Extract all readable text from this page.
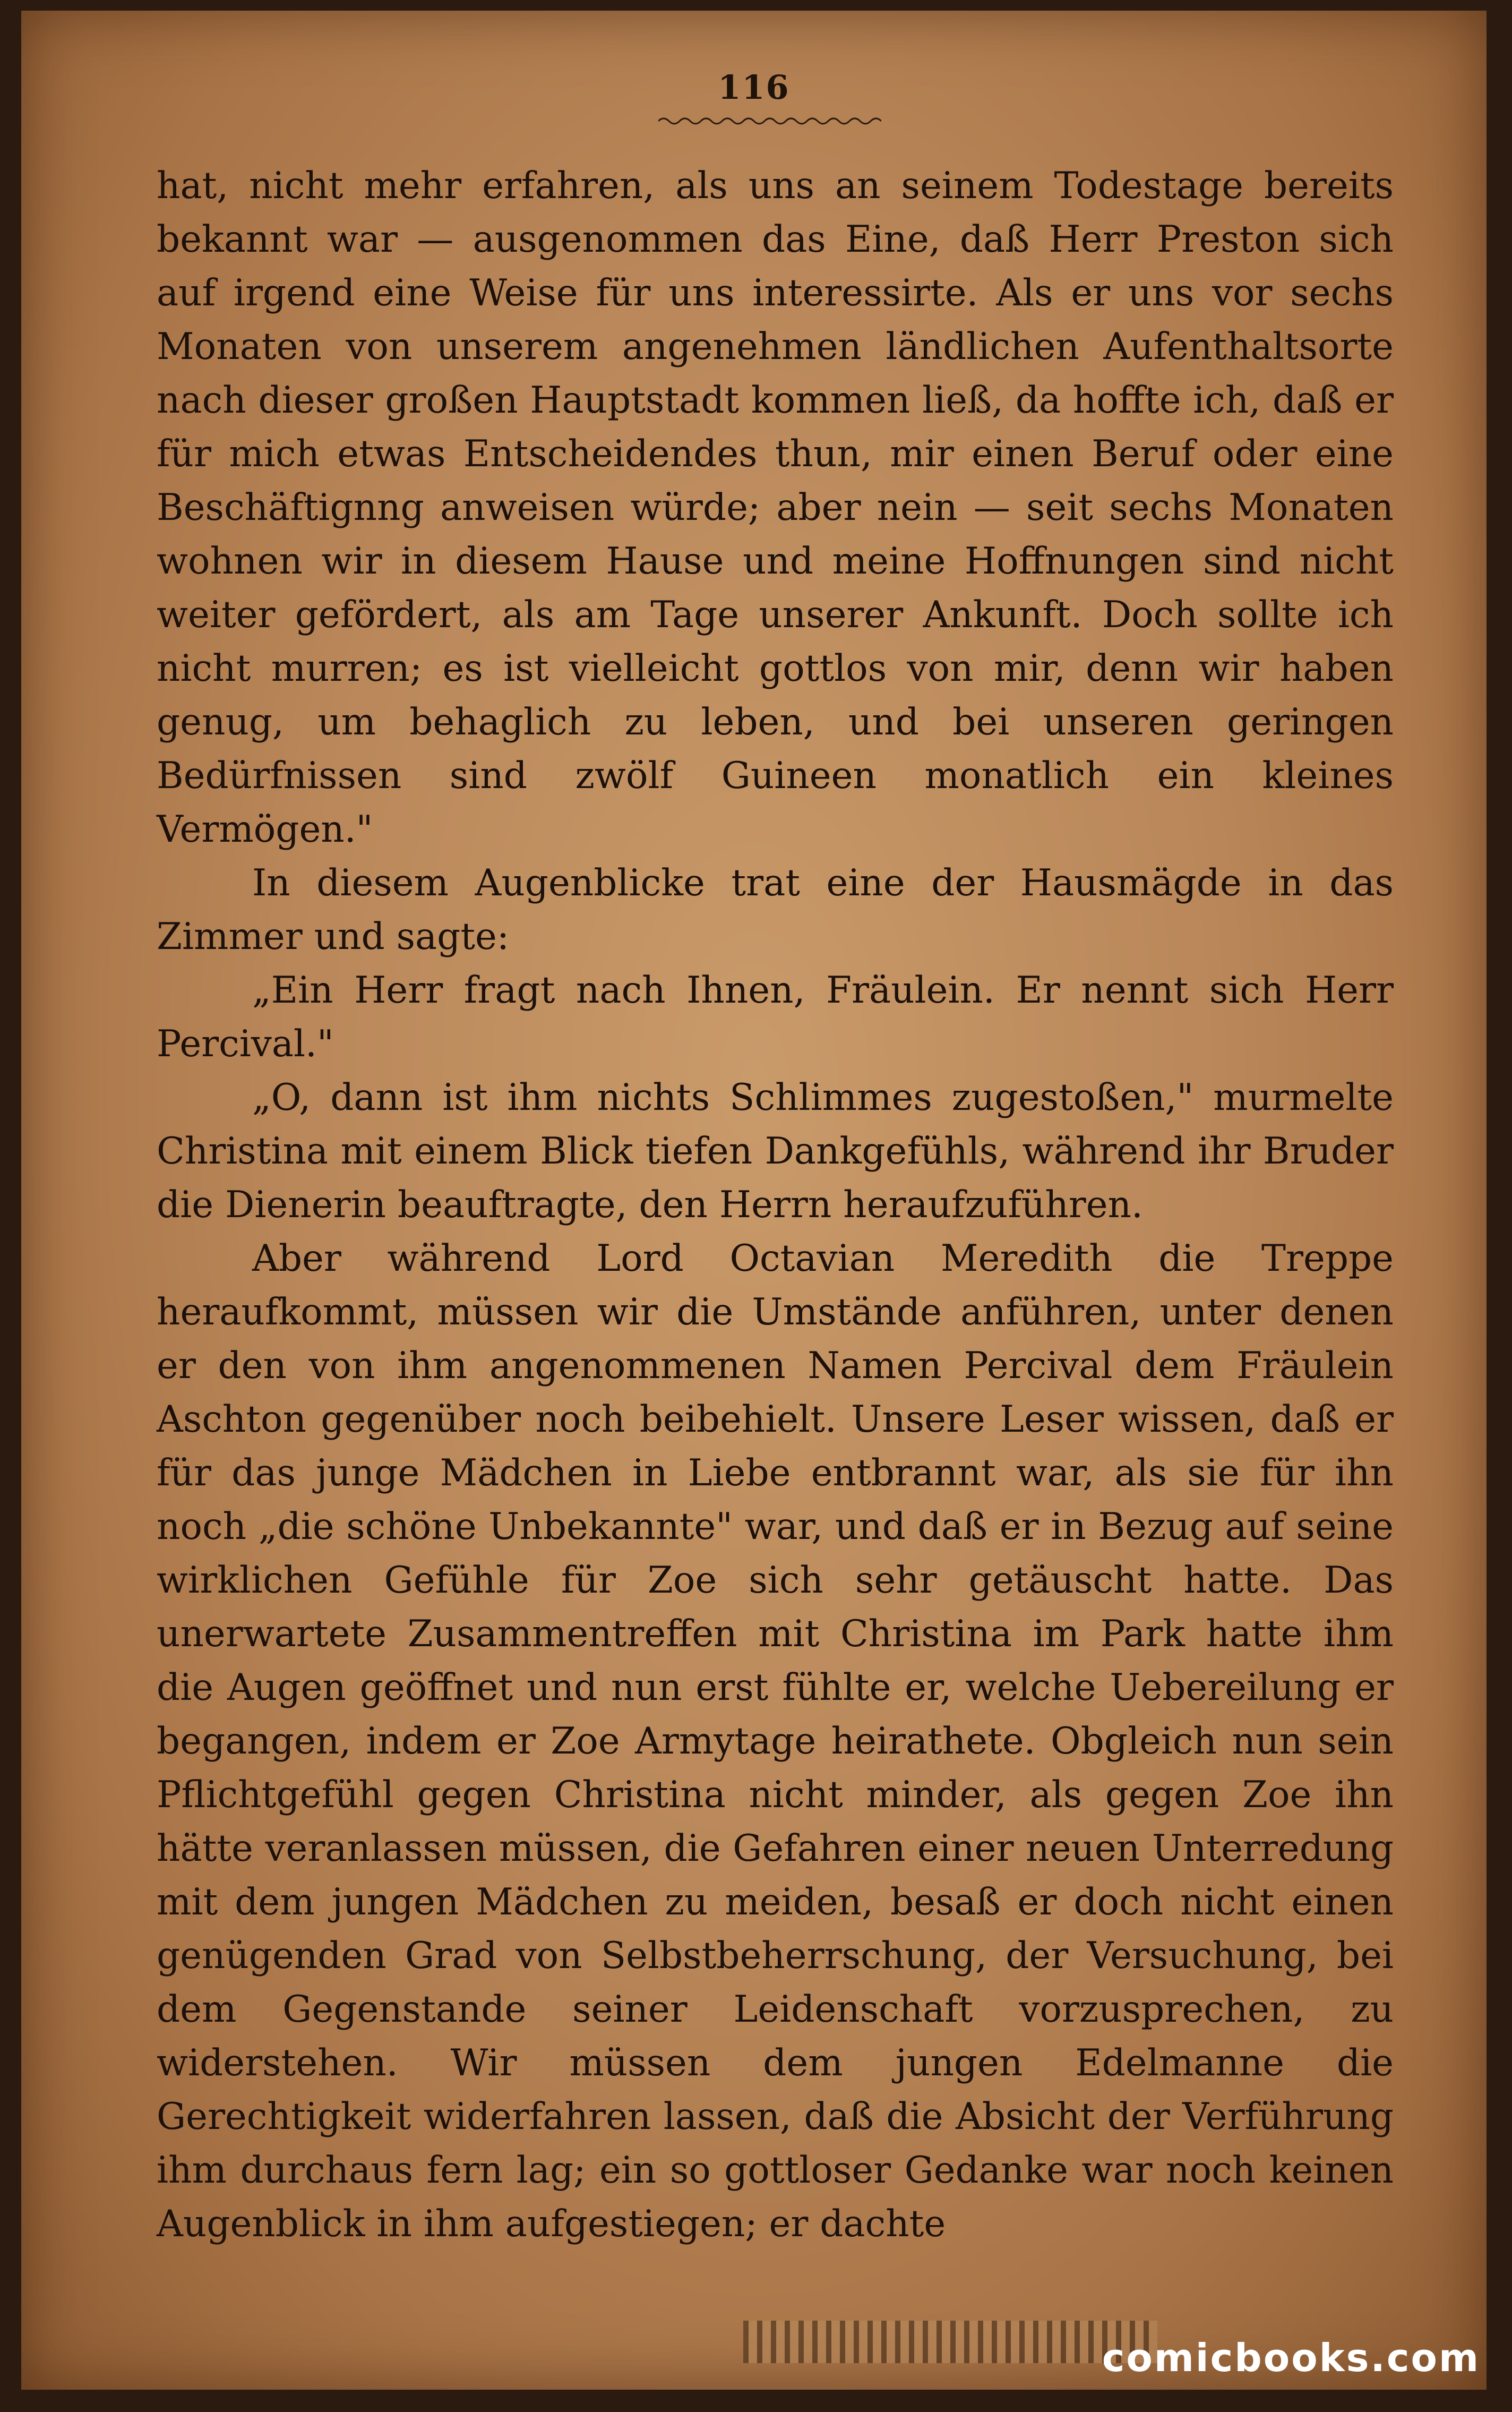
116

hat, nicht mehr erfahren, als uns an seinem Todestage bereits bekannt war — ausgenommen das Eine, daß Herr Preston sich auf irgend eine Weise für uns interessirte. Als er uns vor sechs Monaten von unserem angenehmen ländlichen Aufenthaltsorte nach dieser großen Hauptstadt kommen ließ, da hoffte ich, daß er für mich etwas Entscheidendes thun, mir einen Beruf oder eine Beschäftignng anweisen würde; aber nein — seit sechs Monaten wohnen wir in diesem Hause und meine Hoffnungen sind nicht weiter gefördert, als am Tage unserer Ankunft. Doch sollte ich nicht murren; es ist vielleicht gottlos von mir, denn wir haben genug, um behaglich zu leben, und bei unseren geringen Bedürfnissen sind zwölf Guineen monatlich ein kleines Vermögen."

In diesem Augenblicke trat eine der Hausmägde in das Zimmer und sagte:

„Ein Herr fragt nach Ihnen, Fräulein. Er nennt sich Herr Percival."

„O, dann ist ihm nichts Schlimmes zugestoßen," murmelte Christina mit einem Blick tiefen Dankgefühls, während ihr Bruder die Dienerin beauftragte, den Herrn heraufzuführen.

Aber während Lord Octavian Meredith die Treppe heraufkommt, müssen wir die Umstände anführen, unter denen er den von ihm angenommenen Namen Percival dem Fräulein Aschton gegenüber noch beibehielt. Unsere Leser wissen, daß er für das junge Mädchen in Liebe entbrannt war, als sie für ihn noch „die schöne Unbekannte" war, und daß er in Bezug auf seine wirklichen Gefühle für Zoe sich sehr getäuscht hatte. Das unerwartete Zusammentreffen mit Christina im Park hatte ihm die Augen geöffnet und nun erst fühlte er, welche Uebereilung er begangen, indem er Zoe Armytage heirathete. Obgleich nun sein Pflichtgefühl gegen Christina nicht minder, als gegen Zoe ihn hätte veranlassen müssen, die Gefahren einer neuen Unterredung mit dem jungen Mädchen zu meiden, besaß er doch nicht einen genügenden Grad von Selbstbeherrschung, der Versuchung, bei dem Gegenstande seiner Leidenschaft vorzusprechen, zu widerstehen. Wir müssen dem jungen Edelmanne die Gerechtigkeit widerfahren lassen, daß die Absicht der Verführung ihm durchaus fern lag; ein so gottloser Gedanke war noch keinen Augenblick in ihm aufgestiegen; er dachte

comicbooks.com
